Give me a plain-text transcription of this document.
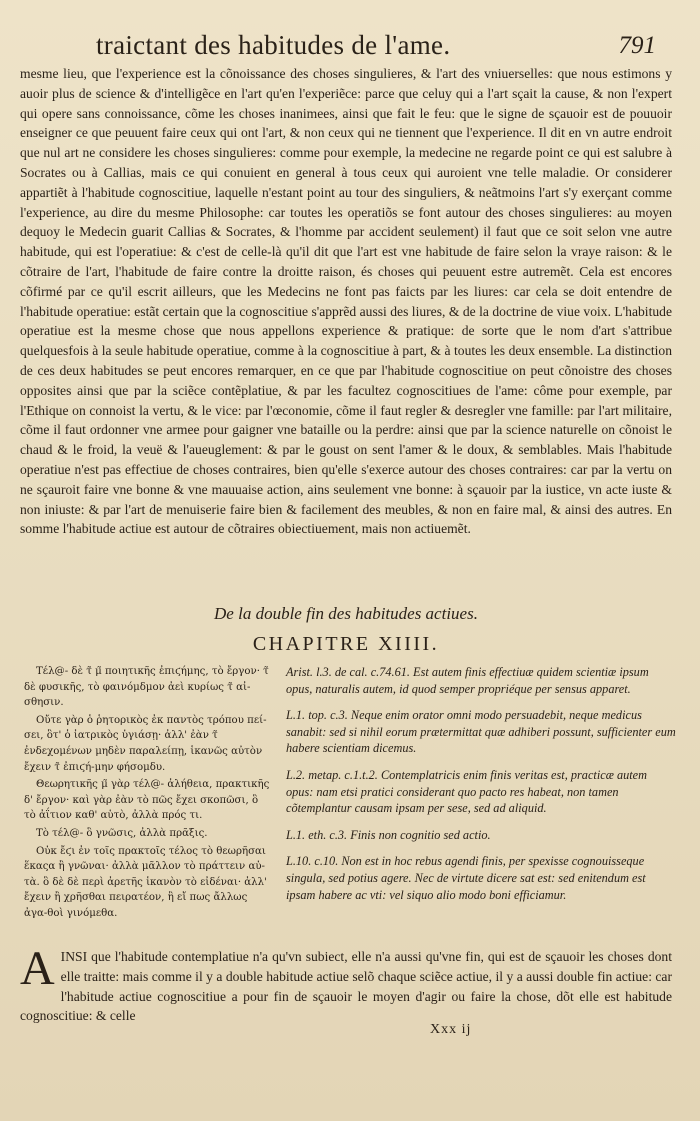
traictant des habitudes de l'ame.	791

mesme lieu, que l'experience est la cõnoissance des choses singulieres, & l'art des vniuerselles: que nous estimons y auoir plus de science & d'intelligẽce en l'art qu'en l'experiẽce: parce que celuy qui a l'art sçait la cause, & non l'expert qui opere sans connoissance, cõme les choses inanimees, ainsi que fait le feu: que le signe de sçauoir est de pouuoir enseigner ce que peuuent faire ceux qui ont l'art, & non ceux qui ne tiennent que l'experience. Il dit en vn autre endroit que nul art ne considere les choses singulieres: comme pour exemple, la medecine ne regarde point ce qui est salubre à Socrates ou à Callias, mais ce qui conuient en general à tous ceux qui auroient vne telle maladie. Or considerer appartiẽt à l'habitude cognoscitiue, laquelle n'estant point au tour des singuliers, & neãtmoins l'art s'y exerçant comme l'experience, au dire du mesme Philosophe: car toutes les operatiõs se font autour des choses singulieres: au moyen dequoy le Medecin guarit Callias & Socrates, & l'homme par accident seulement) il faut que ce soit selon vne autre habitude, qui est l'operatiue: & c'est de celle-là qu'il dit que l'art est vne habitude de faire selon la vraye raison: & le cõtraire de l'art, l'habitude de faire contre la droitte raison, és choses qui peuuent estre autremẽt. Cela est encores cõfirmé par ce qu'il escrit ailleurs, que les Medecins ne font pas faicts par les liures: car cela se doit entendre de l'habitude operatiue: estãt certain que la cognoscitiue s'apprẽd aussi des liures, & de la doctrine de viue voix. L'habitude operatiue est la mesme chose que nous appellons experience & pratique: de sorte que le nom d'art s'attribue quelquesfois à la seule habitude operatiue, comme à la cognoscitiue à part, & à toutes les deux ensemble. La distinction de ces deux habitudes se peut encores remarquer, en ce que par l'habitude cognoscitiue on peut cõnoistre des choses opposites ainsi que par la sciẽce contẽplatiue, & par les facultez cognoscitiues de l'ame: côme pour exemple, par l'Ethique on connoist la vertu, & le vice: par l'œconomie, cõme il faut regler & desregler vne famille: par l'art militaire, cõme il faut ordonner vne armee pour gaigner vne bataille ou la perdre: ainsi que par la science naturelle on cõnoist le chaud & le froid, la veuë & l'aueuglement: & par le goust on sent l'amer & le doux, & semblables. Mais l'habitude operatiue n'est pas effectiue de choses contraires, bien qu'elle s'exerce autour des choses contraires: car par la vertu on ne sçauroit faire vne bonne & vne mauuaise action, ains seulement vne bonne: à sçauoir par la iustice, vn acte iuste & non iniuste: & par l'art de menuiserie faire bien & facilement des meubles, & non en faire mal, & ainsi des autres. En somme l'habitude actiue est autour de cõtraires obiectiuement, mais non actiuemẽt.

De la double fin des habitudes actiues.
CHAPITRE XIIII.

Τέλ@- δὲ τ̃ μ̃ ποιητικῆς ἐπιϛήμης, τὸ ἔργον· τ̃ δὲ φυσικῆς, τὸ φαινόμδμον ἀεὶ κυρίως τ̃ αἰ-σθησιν.

Οὔτε γὰρ ὁ ῥητορικὸς ἐκ παντὸς τρόπου πεί-σει, ὃτ' ὁ ἰατρικὸς ὑγιάσῃ· ἀλλ' ἐὰν τ̃ ἐνδεχομένων μηδὲν παραλείπῃ, ἱκανῶς αὐτὸν ἔχειν τ̃ ἐπιϛή-μην φήσομδυ.

Θεωρητικῆς μ̃ γὰρ τέλ@- ἀλήθεια, πρακτικῆς δ' ἔργον· καὶ γὰρ ἐὰν τὸ πῶς ἔχει σκοπῶσι, ὃ τὸ ἀΐτιον καθ' αὑτὸ, ἀλλὰ πρός τι.

Τὸ τέλ@- ὃ γνῶσις, ἀλλὰ πρᾶξις.

Οὐκ ἔϛι ἐν τοῖς πρακτοῖς τέλος τὸ θεωρῆσαι ἕκαςα ἢ γνῶναι· ἀλλὰ μᾶλλον τὸ πράττειν αὐ-τὰ. ὃ δὲ δὲ περὶ ἀρετῆς ἱκανὸν τὸ εἰδέναι· ἀλλ' ἔχειν ἢ χρῆσθαι πειρατέον, ἢ εἴ πως ἄλλως ἀγα-θοὶ γινόμεθα.

Arist. l.3. de cal. c.74.61. Est autem finis effectiuæ quidem scientiæ ipsum opus, naturalis autem, id quod semper propriéque per sensus apparet.

L.1. top. c.3. Neque enim orator omni modo persuadebit, neque medicus sanabit: sed si nihil eorum prætermittat quæ adhiberi possunt, sufficienter eum habere scientiam dicemus.

L.2. metap. c.1.t.2. Contemplatricis enim finis veritas est, practicæ autem opus: nam etsi pratici considerant quo pacto res habeat, non tamen cõtemplantur causam ipsam per sese, sed ad aliquid.

L.1. eth. c.3. Finis non cognitio sed actio.

L.10. c.10. Non est in hoc rebus agendi finis, per spexisse cognouisseque singula, sed potius agere. Nec de virtute dicere sat est: sed enitendum est ipsam habere ac vti: vel siquo alio modo boni efficiamur.

A INSI que l'habitude contemplatiue n'a qu'vn subiect, elle n'a aussi qu'vne fin, qui est de sçauoir les choses dont elle traitte: mais comme il y a double habitude actiue selõ chaque sciẽce actiue, il y a aussi double fin actiue: car l'habitude actiue cognoscitiue a pour fin de sçauoir le moyen d'agir ou faire la chose, dõt elle est habitude cognoscitiue: & celle

Xxx ij
